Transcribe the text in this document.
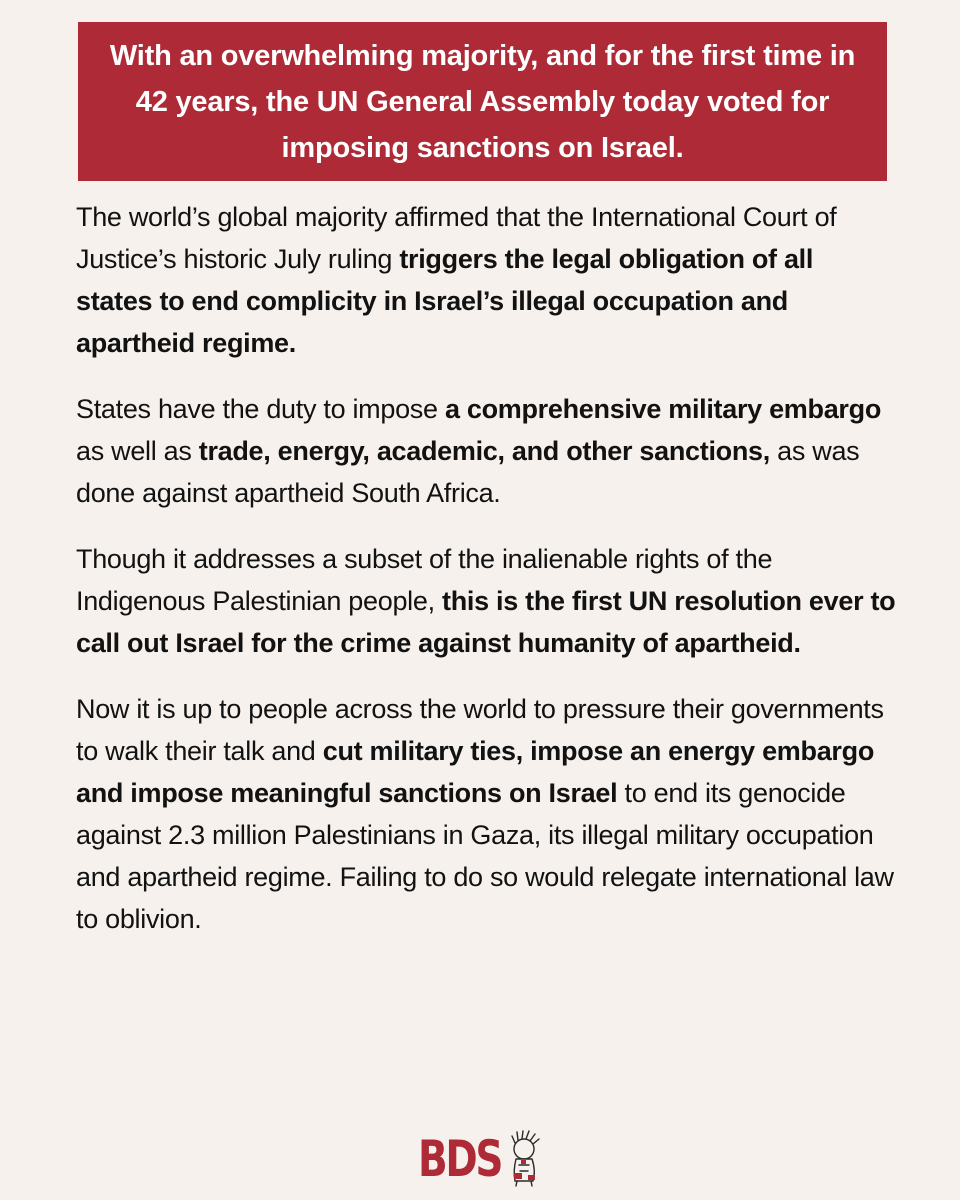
With an overwhelming majority, and for the first time in 42 years, the UN General Assembly today voted for imposing sanctions on Israel.

The world’s global majority affirmed that the International Court of Justice’s historic July ruling triggers the legal obligation of all states to end complicity in Israel’s illegal occupation and apartheid regime.

States have the duty to impose a comprehensive military embargo as well as trade, energy, academic, and other sanctions, as was done against apartheid South Africa.

Though it addresses a subset of the inalienable rights of the Indigenous Palestinian people, this is the first UN resolution ever to call out Israel for the crime against humanity of apartheid.

Now it is up to people across the world to pressure their governments to walk their talk and cut military ties, impose an energy embargo and impose meaningful sanctions on Israel to end its genocide against 2.3 million Palestinians in Gaza, its illegal military occupation and apartheid regime. Failing to do so would relegate international law to oblivion.

BDS
